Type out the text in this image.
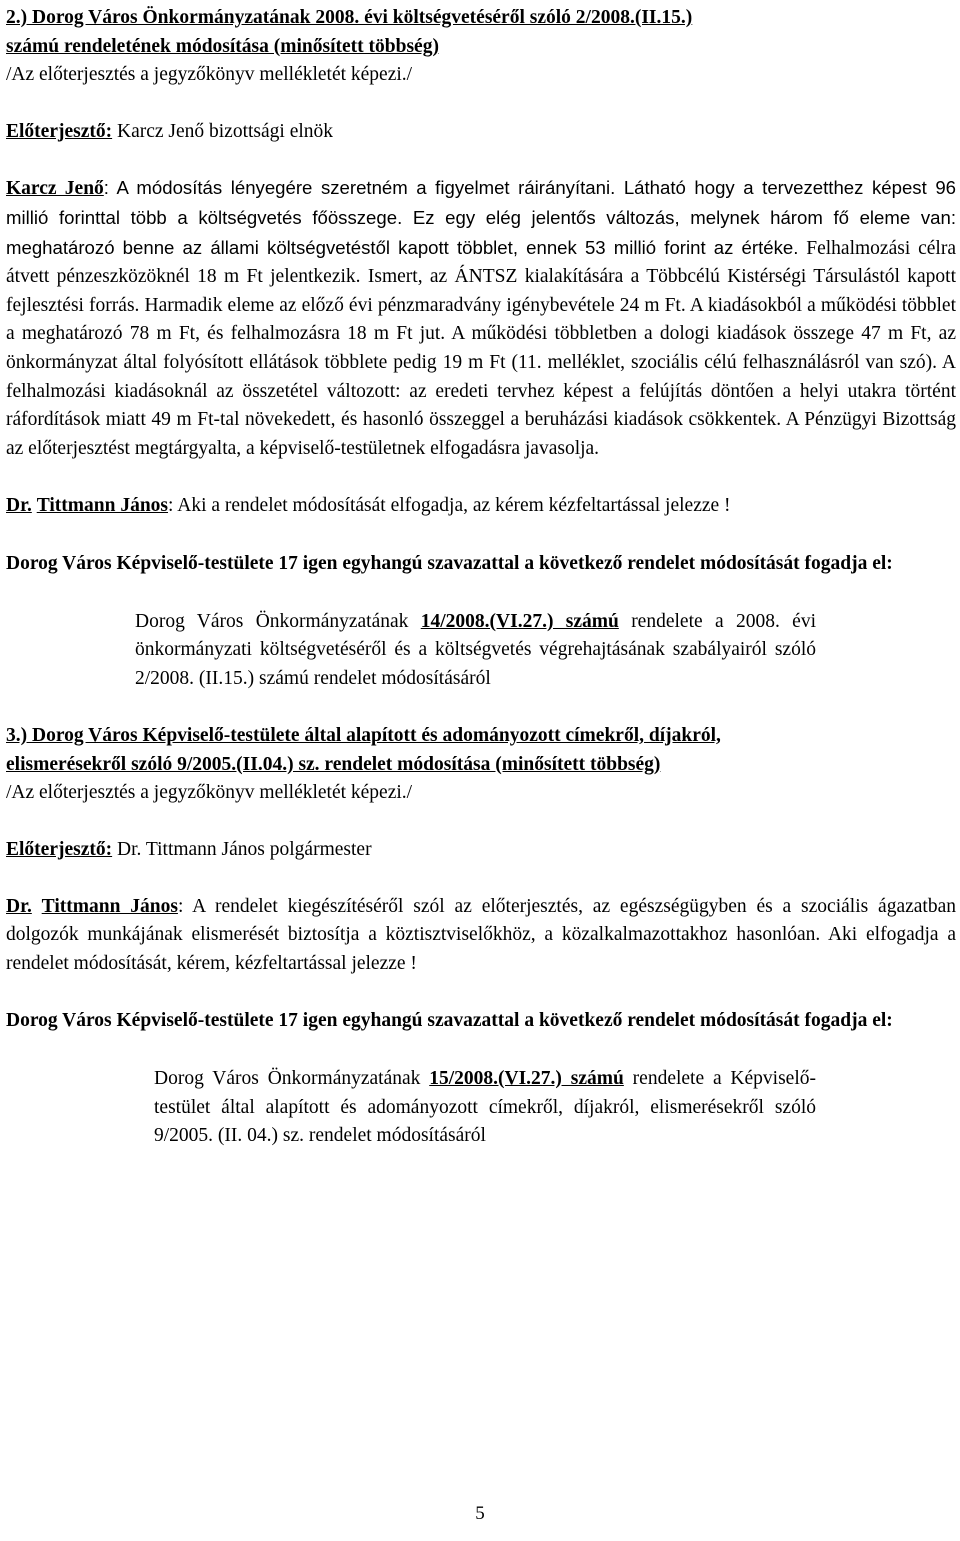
2.) Dorog Város Önkormányzatának 2008. évi költségvetéséről szóló 2/2008.(II.15.)
számú rendeletének módosítása (minősített többség)

/Az előterjesztés a jegyzőkönyv mellékletét képezi./

Előterjesztő: Karcz Jenő bizottsági elnök

Karcz Jenő: A módosítás lényegére szeretném a figyelmet ráirányítani. Látható hogy a tervezetthez képest 96 millió forinttal több a költségvetés főösszege. Ez egy elég jelentős változás, melynek három fő eleme van: meghatározó benne az állami költségvetéstől kapott többlet, ennek 53 millió forint az értéke. Felhalmozási célra átvett pénzeszközöknél 18 m Ft jelentkezik. Ismert, az ÁNTSZ kialakítására a Többcélú Kistérségi Társulástól kapott fejlesztési forrás. Harmadik eleme az előző évi pénzmaradvány igénybevétele 24 m Ft. A kiadásokból a működési többlet a meghatározó 78 m Ft, és felhalmozásra 18 m Ft jut. A működési többletben a dologi kiadások összege 47 m Ft, az önkormányzat által folyósított ellátások többlete pedig 19 m Ft (11. melléklet, szociális célú felhasználásról van szó). A felhalmozási kiadásoknál az összetétel változott: az eredeti tervhez képest a felújítás döntően a helyi utakra történt ráfordítások miatt 49 m Ft-tal növekedett, és hasonló összeggel a beruházási kiadások csökkentek. A Pénzügyi Bizottság az előterjesztést megtárgyalta, a képviselő-testületnek elfogadásra javasolja.

Dr. Tittmann János: Aki a rendelet módosítását elfogadja, az kérem kézfeltartással jelezze !

Dorog Város Képviselő-testülete 17 igen egyhangú szavazattal a következő rendelet módosítását fogadja el:

Dorog Város Önkormányzatának 14/2008.(VI.27.) számú rendelete a 2008. évi önkormányzati költségvetéséről és a költségvetés végrehajtásának szabályairól szóló 2/2008. (II.15.) számú rendelet módosításáról

3.) Dorog Város Képviselő-testülete által alapított és adományozott címekről, díjakról,
elismerésekről szóló 9/2005.(II.04.) sz. rendelet módosítása (minősített többség)

/Az előterjesztés a jegyzőkönyv mellékletét képezi./

Előterjesztő: Dr. Tittmann János polgármester

Dr. Tittmann János: A rendelet kiegészítéséről szól az előterjesztés, az egészségügyben és a szociális ágazatban dolgozók munkájának elismerését biztosítja a köztisztviselőkhöz, a közalkalmazottakhoz hasonlóan. Aki elfogadja a rendelet módosítását, kérem, kézfeltartással jelezze !

Dorog Város Képviselő-testülete 17 igen egyhangú szavazattal a következő rendelet módosítását fogadja el:

Dorog Város Önkormányzatának 15/2008.(VI.27.) számú rendelete a Képviselő-testület által alapított és adományozott címekről, díjakról, elismerésekről szóló 9/2005. (II. 04.) sz. rendelet módosításáról

5
